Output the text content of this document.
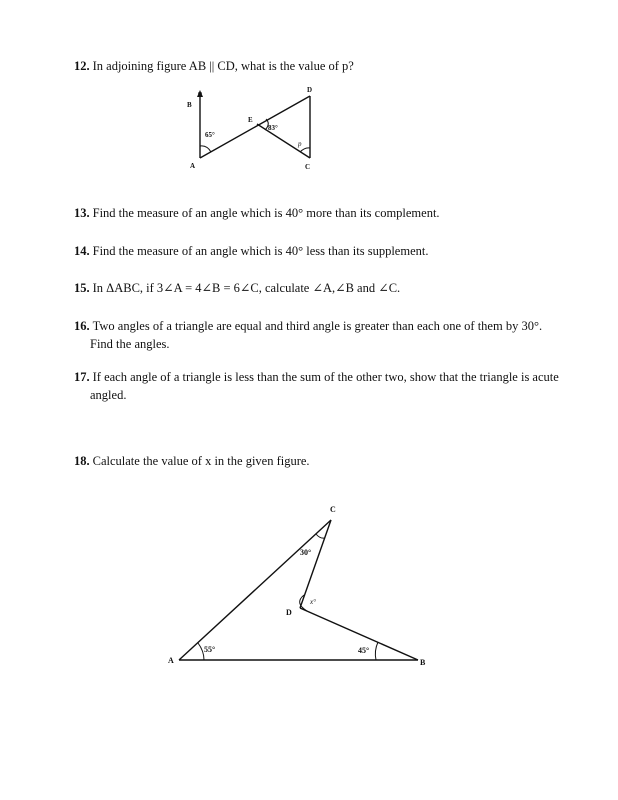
12. In adjoining figure AB || CD, what is the value of p?
B
A
E
D
C
65°
83°
p
13. Find the measure of an angle which is 40° more than its complement.
14. Find the measure of an angle which is 40° less than its supplement.
15. In ΔABC, if 3∠A = 4∠B = 6∠C, calculate ∠A,∠B and ∠C.
16. Two angles of a triangle are equal and third angle is greater than each one of them by 30°.
Find the angles.
17. If each angle of a triangle is less than the sum of the other two, show that the triangle is acute
angled.
18. Calculate the value of x in the given figure.
A	B
C
D
55°	45°
30°
x°
